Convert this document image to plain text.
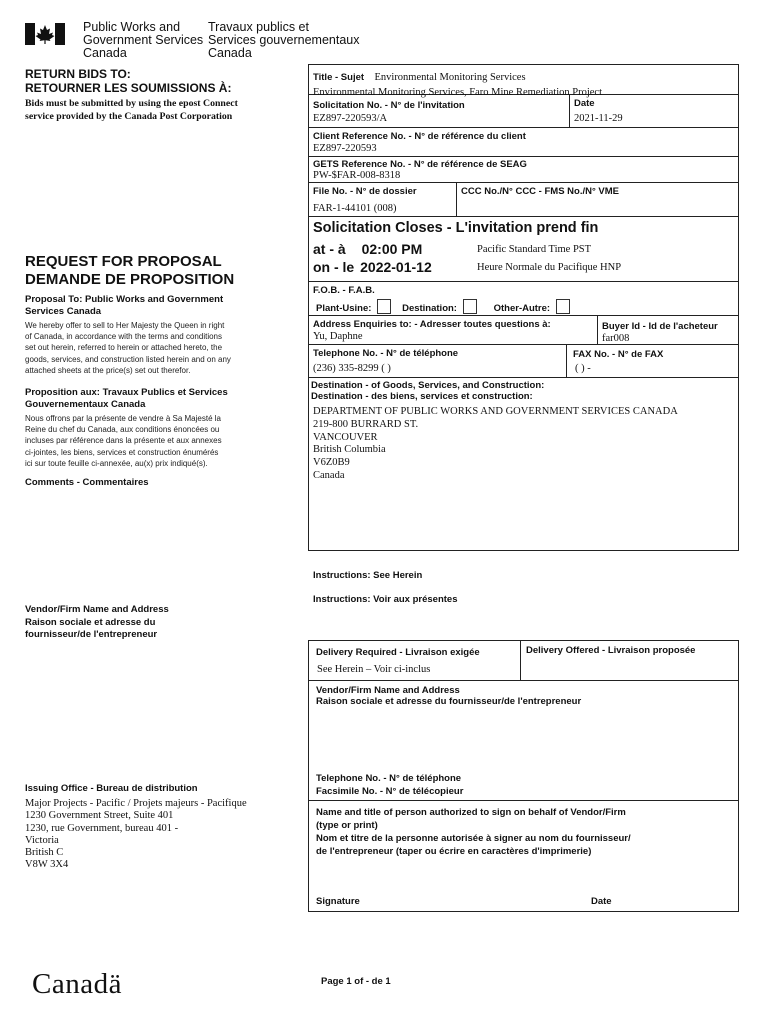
Public Works and
Government Services
Canada
Travaux publics et
Services gouvernementaux
Canada
RETURN BIDS TO:
RETOURNER LES SOUMISSIONS À:
Bids must be submitted by using the epost Connect
service provided by the Canada Post Corporation
REQUEST FOR PROPOSAL
DEMANDE DE PROPOSITION
Proposal To: Public Works and Government
Services Canada
We hereby offer to sell to Her Majesty the Queen in right
of Canada, in accordance with the terms and conditions
set out herein, referred to herein or attached hereto, the
goods, services, and construction listed herein and on any
attached sheets at the price(s) set out therefor.
Proposition aux: Travaux Publics et Services
Gouvernementaux Canada
Nous offrons par la présente de vendre à Sa Majesté la
Reine du chef du Canada, aux conditions énoncées ou
incluses par référence dans la présente et aux annexes
ci-jointes, les biens, services et construction énumérés
ici sur toute feuille ci-annexée, au(x) prix indiqué(s).
Comments - Commentaires
Vendor/Firm Name and Address
Raison sociale et adresse du
fournisseur/de l'entrepreneur
Issuing Office - Bureau de distribution
Major Projects - Pacific / Projets majeurs - Pacifique
1230 Government Street, Suite 401
1230, rue Government, bureau 401 -
Victoria
British C
V8W 3X4
Title - Sujet Environmental Monitoring Services
Environmental Monitoring Services, Faro Mine Remediation Project
Solicitation No. - N° de l'invitation
EZ897-220593/A
Date
2021-11-29
Client Reference No. - N° de référence du client
EZ897-220593
GETS Reference No. - N° de référence de SEAG
PW-$FAR-008-8318
File No. - N° de dossier
FAR-1-44101 (008)
CCC No./N° CCC - FMS No./N° VME
Solicitation Closes - L'invitation prend fin
at - à 02:00 PM
on - le 2022-01-12
Pacific Standard Time PST
Heure Normale du Pacifique HNP
F.O.B. - F.A.B.
Plant-Usine:	Destination:	Other-Autre:
Address Enquiries to: - Adresser toutes questions à:
Yu, Daphne
Buyer Id - Id de l'acheteur
far008
Telephone No. - N° de téléphone
(236) 335-8299 ( )
FAX No. - N° de FAX
( ) -
Destination - of Goods, Services, and Construction:
Destination - des biens, services et construction:
DEPARTMENT OF PUBLIC WORKS AND GOVERNMENT SERVICES CANADA
219-800 BURRARD ST.
VANCOUVER
British Columbia
V6Z0B9
Canada
Instructions: See Herein
Instructions: Voir aux présentes
Delivery Required - Livraison exigée
See Herein – Voir ci-inclus
Delivery Offered - Livraison proposée
Vendor/Firm Name and Address
Raison sociale et adresse du fournisseur/de l'entrepreneur
Telephone No. - N° de téléphone
Facsimile No. - N° de télécopieur
Name and title of person authorized to sign on behalf of Vendor/Firm
(type or print)
Nom et titre de la personne autorisée à signer au nom du fournisseur/
de l'entrepreneur (taper ou écrire en caractères d'imprimerie)
Signature	Date
Canadä	Page 1 of - de 1
